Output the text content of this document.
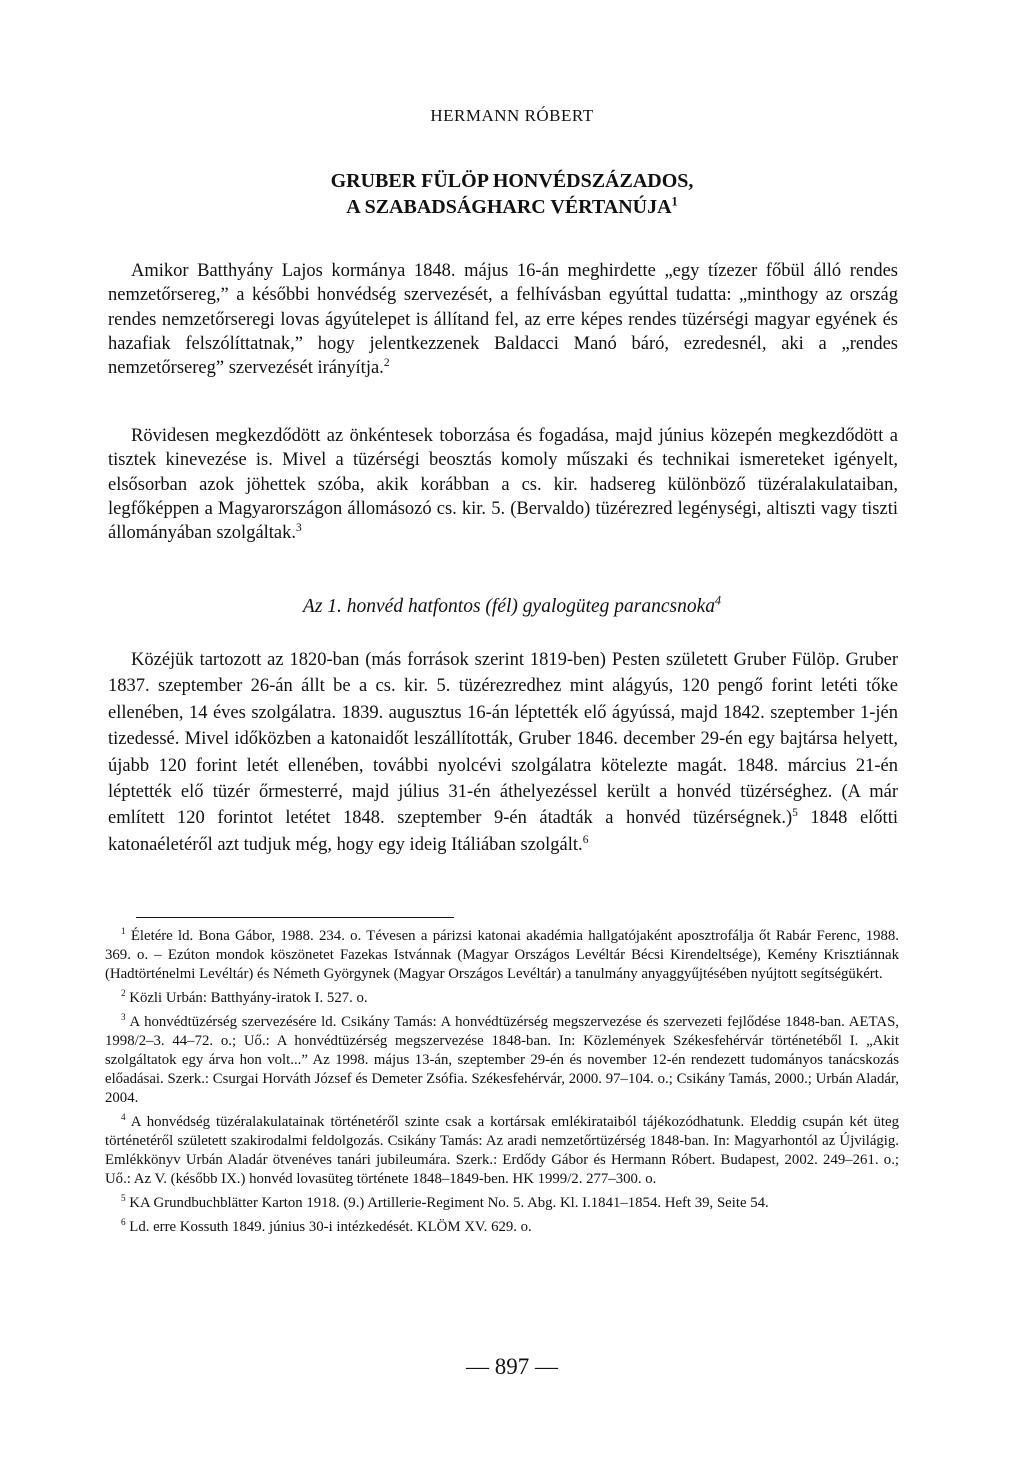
HERMANN RÓBERT
GRUBER FÜLÖP HONVÉDSZÁZADOS,
A SZABADSÁGHARC VÉRTANÚJA$^1$

Amikor Batthyány Lajos kormánya 1848. május 16-án meghirdette „egy tízezer főbül álló rendes nemzetőrsereg,” a későbbi honvédség szervezését, a felhívásban egyúttal tudatta: „minthogy az ország rendes nemzetőrseregi lovas ágyútelepet is állítand fel, az erre képes rendes tüzérségi magyar egyének és hazafiak felszólíttatnak,” hogy jelentkezzenek Baldacci Manó báró, ezredesnél, aki a „rendes nemzetőrsereg” szervezését irányítja.$^2$

Rövidesen megkezdődött az önkéntesek toborzása és fogadása, majd június közepén megkezdődött a tisztek kinevezése is. Mivel a tüzérségi beosztás komoly műszaki és technikai ismereteket igényelt, elsősorban azok jöhettek szóba, akik korábban a cs. kir. hadsereg különböző tüzéralakulataiban, legfőképpen a Magyarországon állomásozó cs. kir. 5. (Bervaldo) tüzérezred legénységi, altiszti vagy tiszti állományában szolgáltak.$^3$

Az 1. honvéd hatfontos (fél) gyalogüteg parancsnoka$^4$

Közéjük tartozott az 1820-ban (más források szerint 1819-ben) Pesten született Gruber Fülöp. Gruber 1837. szeptember 26-án állt be a cs. kir. 5. tüzérezredhez mint alágyús, 120 pengő forint letéti tőke ellenében, 14 éves szolgálatra. 1839. augusztus 16-án léptették elő ágyússá, majd 1842. szeptember 1-jén tizedessé. Mivel időközben a katonaidőt leszállították, Gruber 1846. december 29-én egy bajtársa helyett, újabb 120 forint letét ellenében, további nyolcévi szolgálatra kötelezte magát. 1848. március 21-én léptették elő tüzér őrmesterré, majd július 31-én áthelyezéssel került a honvéd tüzérséghez. (A már említett 120 forintot letétet 1848. szeptember 9-én átadták a honvéd tüzérségnek.)$^5$ 1848 előtti katonaéletéről azt tudjuk még, hogy egy ideig Itáliában szolgált.$^6$

$^1$ Életére ld. Bona Gábor, 1988. 234. o. Tévesen a párizsi katonai akadémia hallgatójaként aposztrofálja őt Rabár Ferenc, 1988. 369. o. – Ezúton mondok köszönetet Fazekas Istvánnak (Magyar Országos Levéltár Bécsi Kirendeltsége), Kemény Krisztiánnak (Hadtörténelmi Levéltár) és Németh Györgynek (Magyar Országos Levéltár) a tanulmány anyaggyűjtésében nyújtott segítségükért.

$^2$ Közli Urbán: Batthyány-iratok I. 527. o.

$^3$ A honvédtüzérség szervezésére ld. Csikány Tamás: A honvédtüzérség megszervezése és szervezeti fejlődése 1848-ban. AETAS, 1998/2–3. 44–72. o.; Uő.: A honvédtüzérség megszervezése 1848-ban. In: Közlemények Székesfehérvár történetéből I. „Akit szolgáltatok egy árva hon volt...” Az 1998. május 13-án, szeptember 29-én és november 12-én rendezett tudományos tanácskozás előadásai. Szerk.: Csurgai Horváth József és Demeter Zsófia. Székesfehérvár, 2000. 97–104. o.; Csikány Tamás, 2000.; Urbán Aladár, 2004.

$^4$ A honvédség tüzéralakulatainak történetéről szinte csak a kortársak emlékirataiból tájékozódhatunk. Eleddig csupán két üteg történetéről született szakirodalmi feldolgozás. Csikány Tamás: Az aradi nemzetőrtüzérség 1848-ban. In: Magyarhontól az Újvilágig. Emlékkönyv Urbán Aladár ötvenéves tanári jubileumára. Szerk.: Erdődy Gábor és Hermann Róbert. Budapest, 2002. 249–261. o.; Uő.: Az V. (később IX.) honvéd lovasüteg története 1848–1849-ben. HK 1999/2. 277–300. o.

$^5$ KA Grundbuchblätter Karton 1918. (9.) Artillerie-Regiment No. 5. Abg. Kl. I.1841–1854. Heft 39, Seite 54.

$^6$ Ld. erre Kossuth 1849. június 30-i intézkedését. KLÖM XV. 629. o.

— 897 —
